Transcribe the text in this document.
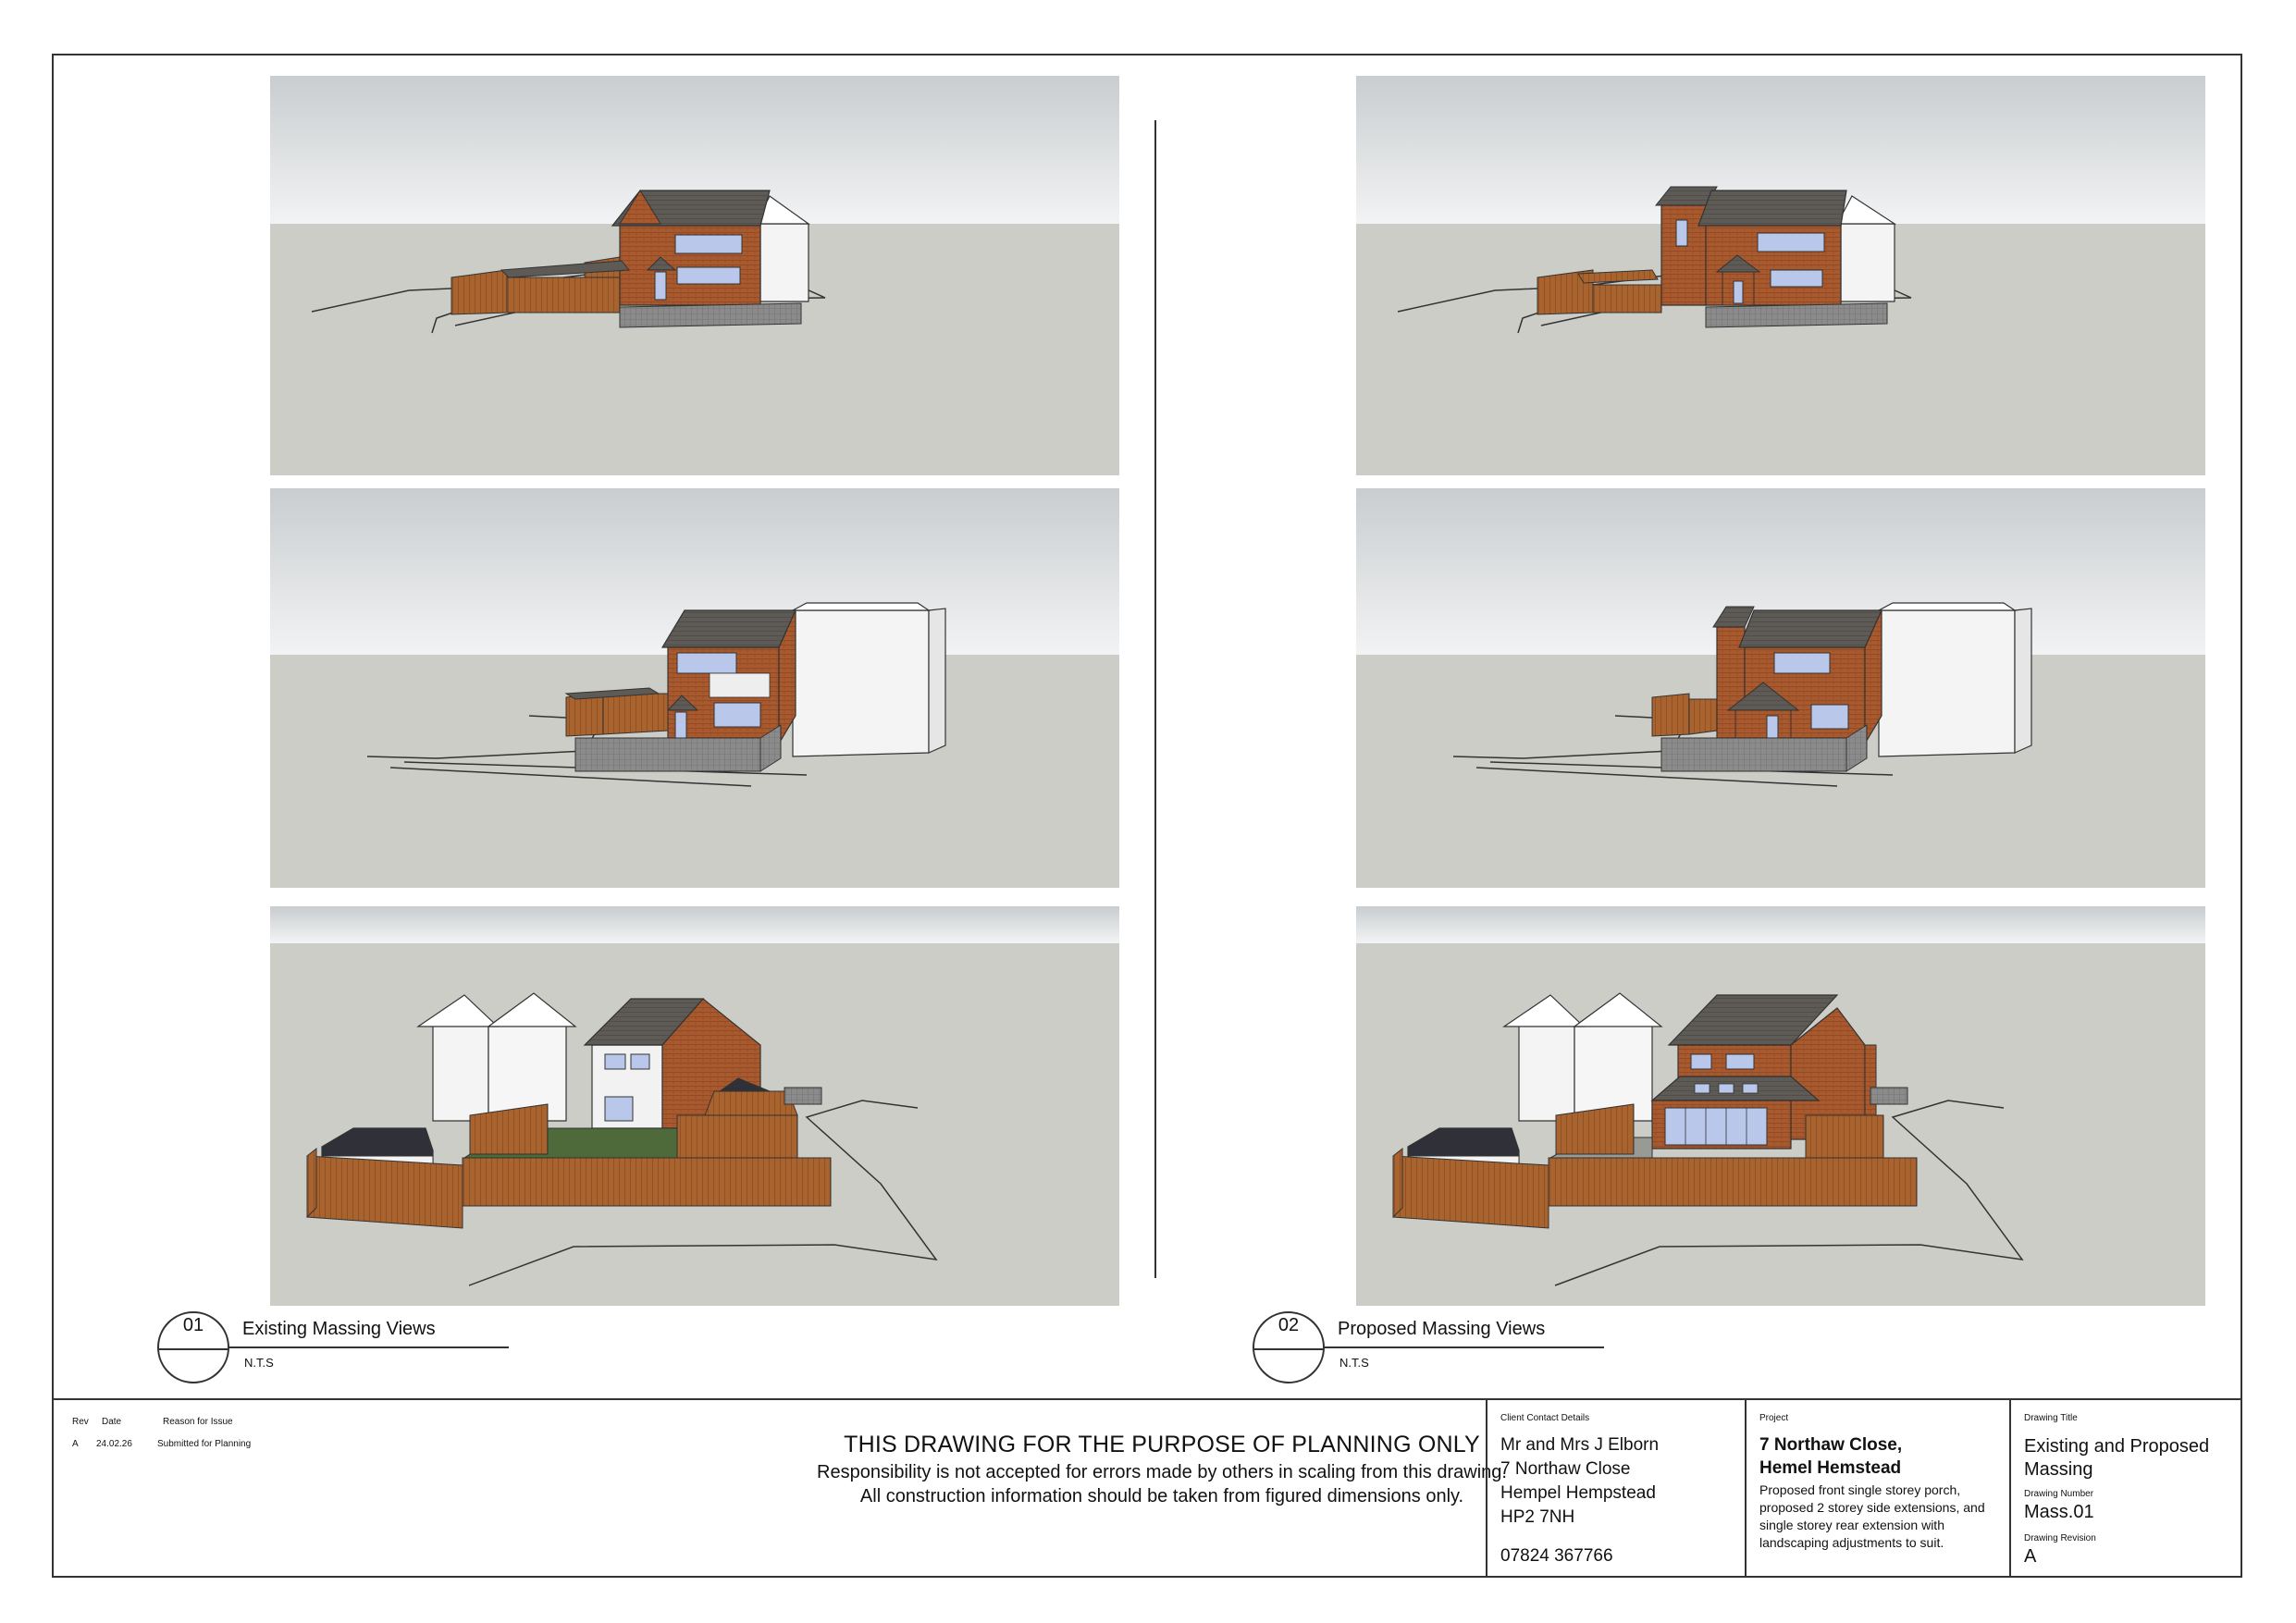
01	Existing Massing Views
N.T.S
02	Proposed Massing Views
N.T.S
Rev Date	Reason for Issue
A 24.02.26	Submitted for Planning	THIS DRAWING FOR THE PURPOSE OF PLANNING ONLY
Responsibility is not accepted for errors made by others in scaling from this drawing. All construction information should be taken from figured dimensions only.
Client Contact Details
Mr and Mrs J Elborn
7 Northaw Close
Hempel Hempstead
HP2 7NH
07824 367766
Project
7 Northaw Close,
Hemel Hemstead
Proposed front single storey porch, proposed 2 storey side extensions, and single storey rear extension with landscaping adjustments to suit.
Drawing Title
Existing and Proposed Massing
Drawing Number
Mass.01
Drawing Revision
A
